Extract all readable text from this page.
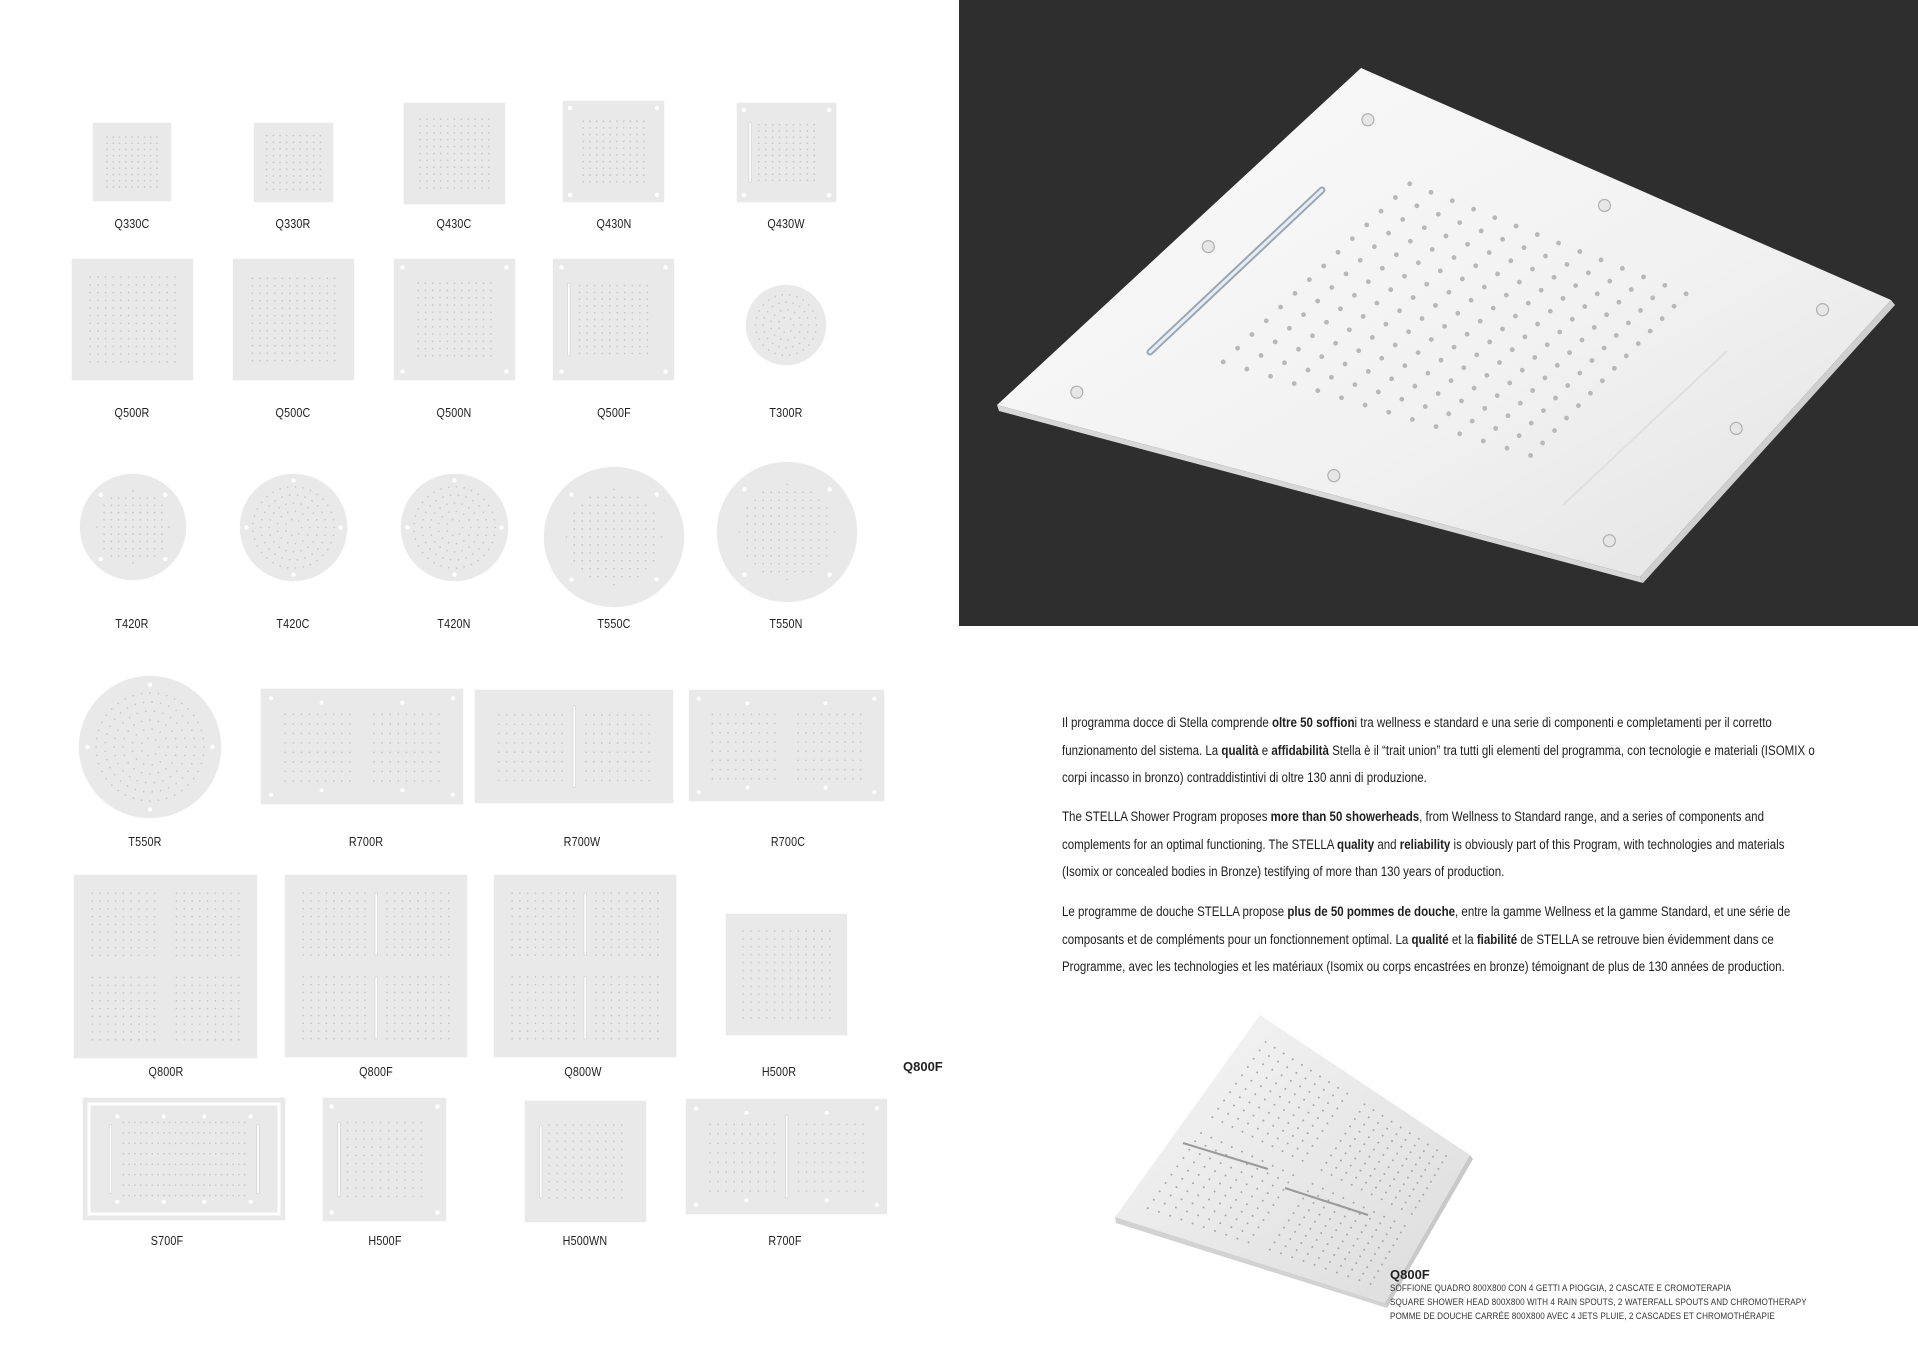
Q330C	Q330R	Q430C	Q430N	Q430W
Q500R	Q500C	Q500N	Q500F	T300R
T420R	T420C	T420N	T550C	T550N
T550R	R700R	R700W	R700C
Q800R	Q800F	Q800W	H500R
S700F	H500F	H500WN	R700F
Q800F

Il programma docce di Stella comprende oltre 50 soffioni tra wellness e standard e una serie di componenti e completamenti per il corretto funzionamento del sistema. La qualità e affidabilità Stella è il “trait union” tra tutti gli elementi del programma, con tecnologie e materiali (ISOMIX o corpi incasso in bronzo) contraddistintivi di oltre 130 anni di produzione.

The STELLA Shower Program proposes more than 50 showerheads, from Wellness to Standard range, and a series of components and complements for an optimal functioning. The STELLA quality and reliability is obviously part of this Program, with technologies and materials (Isomix or concealed bodies in Bronze) testifying of more than 130 years of production.

Le programme de douche STELLA propose plus de 50 pommes de douche, entre la gamme Wellness et la gamme Standard, et une série de composants et de compléments pour un fonctionnement optimal. La qualité et la fiabilité de STELLA se retrouve bien évidemment dans ce Programme, avec les technologies et les matériaux (Isomix ou corps encastrées en bronze) témoignant de plus de 130 années de production.

Q800F
SOFFIONE QUADRO 800X800 CON 4 GETTI A PIOGGIA, 2 CASCATE E CROMOTERAPIA
SQUARE SHOWER HEAD 800X800 WITH 4 RAIN SPOUTS, 2 WATERFALL SPOUTS AND CHROMOTHERAPY
POMME DE DOUCHE CARRÉE 800X800 AVEC 4 JETS PLUIE, 2 CASCADES ET CHROMOTHÉRAPIE
